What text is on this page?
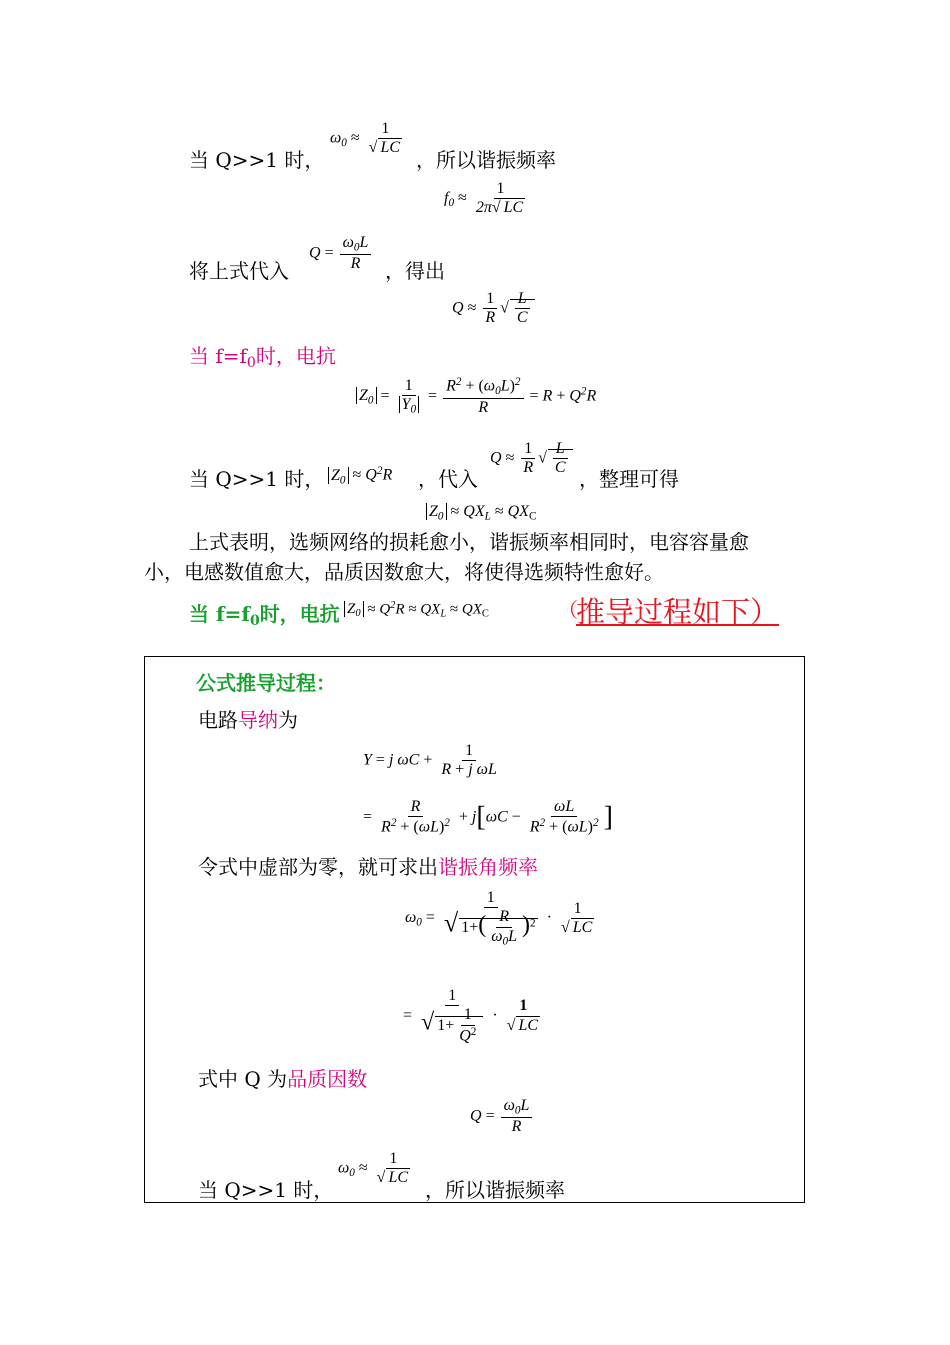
当 Q>>1 时，
$\omega_0 \approx \frac{1}{√ LC}$
，所以谐振频率
$f_0 \approx \frac{1}{2\pi√ LC}$
将上式代入
$Q = \frac{\omega_0L}{R}$ ，得出
$Q \approx \frac{1}{R}$ √ $\frac{L}{C}$
当 $f=f_0$时，电抗
$Z_0 = \frac{1}{Y_0} = \frac{R^2 + (\omega_0L)^2}{R} = R + Q^2R$
当 Q>>1 时， $Z_0 \approx Q^2R$ ，代入
$Q \approx \frac{1}{R}$ √ $\frac{L}{C}$
，整理可得
$Z_0 \approx QX_L \approx QX_C$
上式表明，选频网络的损耗愈小，谐振频率相同时，电容容量愈
小，电感数值愈大，品质因数愈大，将使得选频特性愈好。
当 $f=f_0$时，电抗 $Z_0 \approx Q^2R \approx QX_L \approx QX_C$	（
推导过程如下）
公式推导过程：
电路导纳为
Y = j $\omega C + \frac{1}{\text{R + j ωL}}$
= $\frac{R}{R^2 + (\omega L)^2} + j[\omega C - \frac{\omega L}{R^2 + (\omega L)^2}$ ]
令式中虚部为零，就可求出谐振角频率
$\omega_0 = \frac{1}{√ 1+( \frac{R}{\omega_0L} )^2} \cdot \frac{1}{√ LC}$
= $\frac{1}{√ 1+ \frac{1}{Q^2}} \cdot \frac{1}{√ LC}$
式中 Q 为品质因数
$Q = \frac{\omega_0L}{R}$
当 Q>>1 时，
$\omega_0 \approx \frac{1}{√ LC}$
，所以谐振频率
